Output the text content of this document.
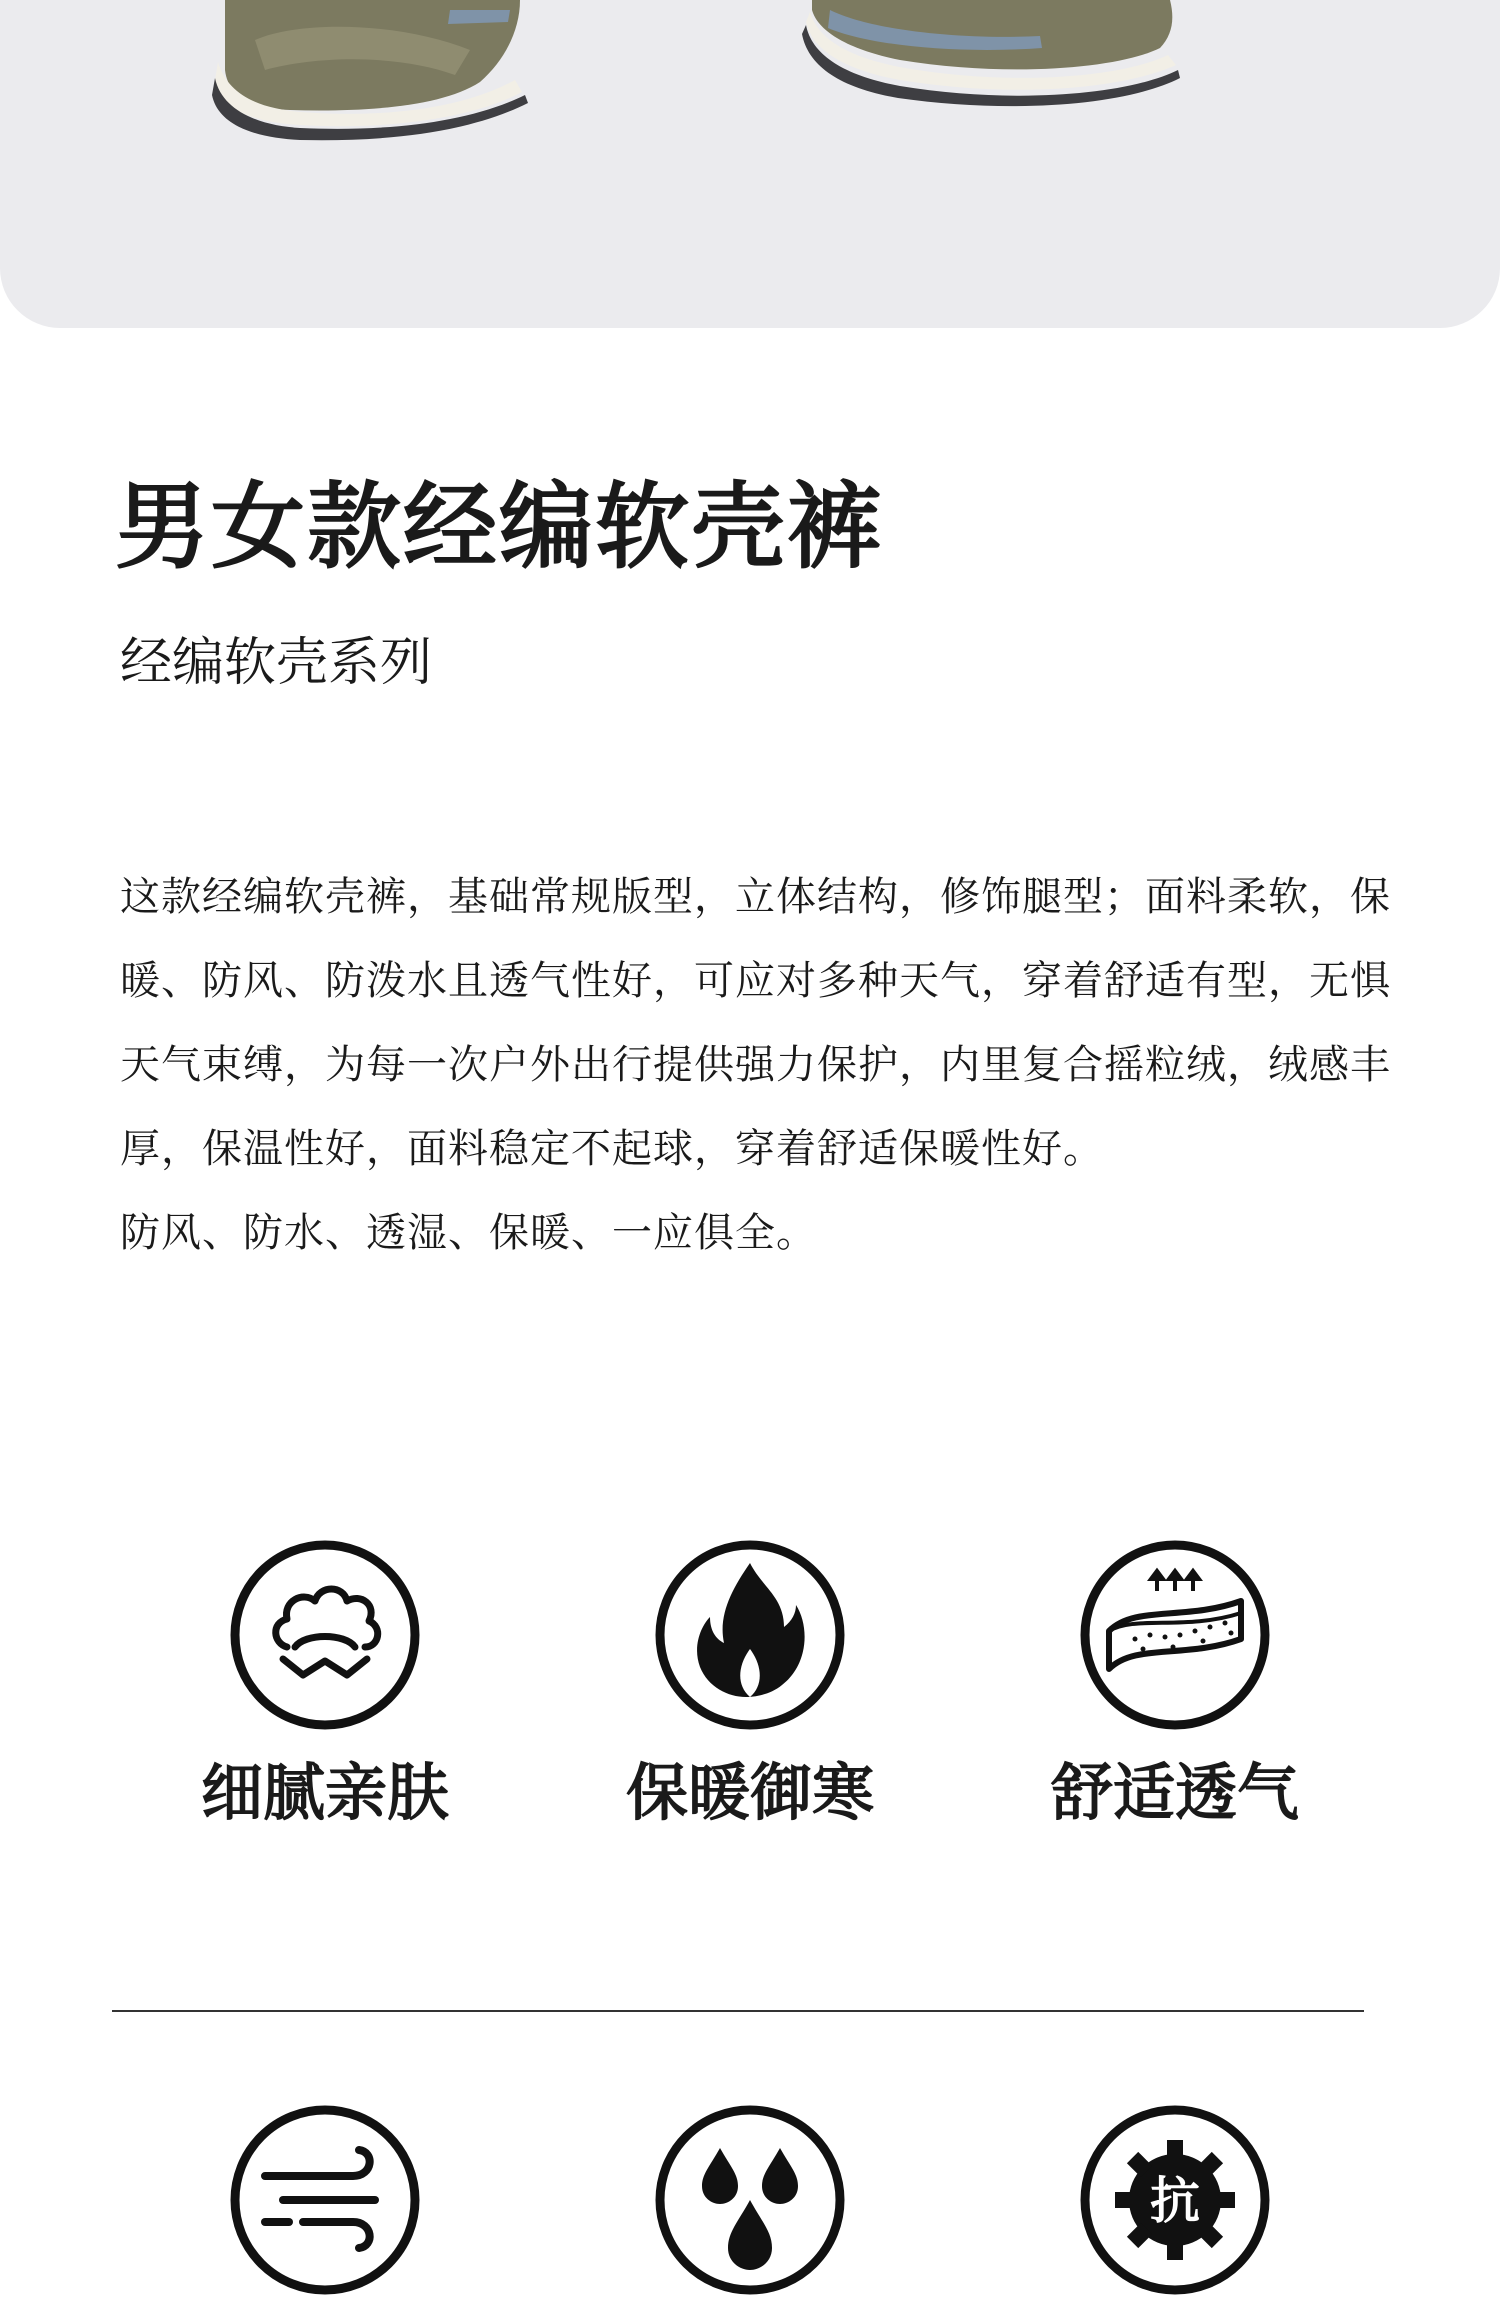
男女款经编软壳裤
经编软壳系列

这款经编软壳裤，基础常规版型，立体结构，修饰腿型；面料柔软，保暖、防风、防泼水且透气性好，可应对多种天气，穿着舒适有型，无惧天气束缚，为每一次户外出行提供强力保护，内里复合摇粒绒，绒感丰厚，保温性好，面料稳定不起球，穿着舒适保暖性好。

防风、防水、透湿、保暖、一应俱全。

细腻亲肤	保暖御寒	舒适透气
抗
